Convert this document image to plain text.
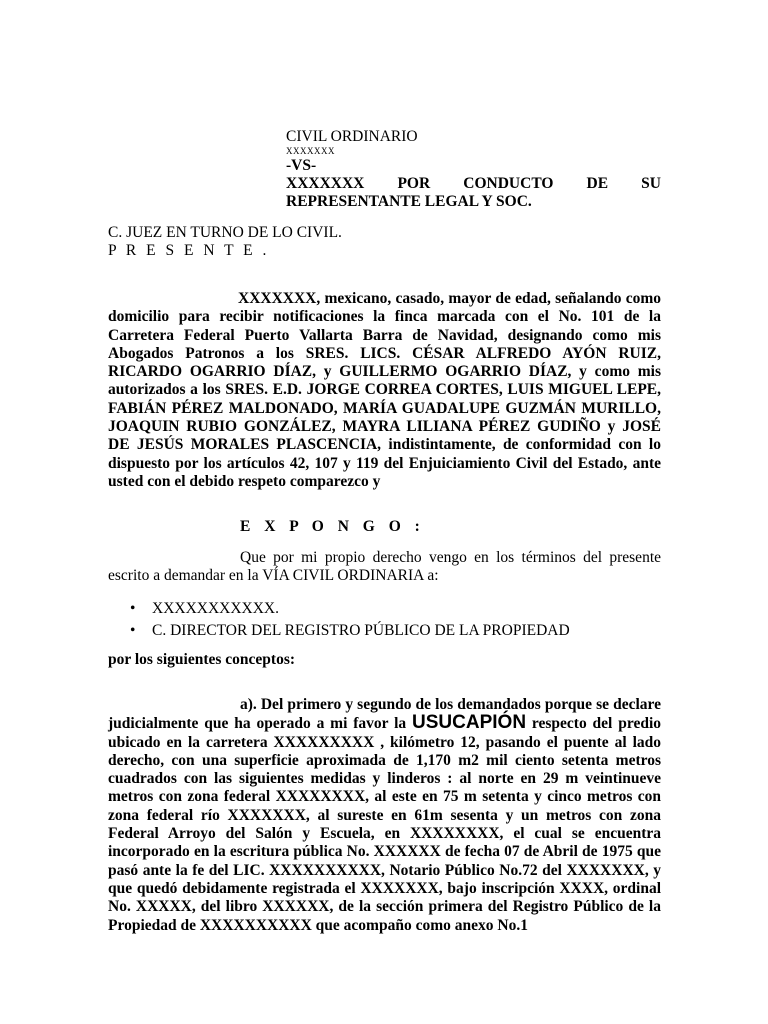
CIVIL ORDINARIO
XXXXXXX
-VS-
XXXXXXX POR CONDUCTO DE SU
REPRESENTANTE LEGAL Y SOC.
C. JUEZ EN TURNO DE LO CIVIL.
P R E S E N T E .
XXXXXXX, mexicano, casado, mayor de edad, señalando como domicilio para recibir notificaciones la finca marcada con el No. 101 de la Carretera Federal Puerto Vallarta Barra de Navidad, designando como mis Abogados Patronos a los SRES. LICS. CÉSAR ALFREDO AYÓN RUIZ, RICARDO OGARRIO DÍAZ, y GUILLERMO OGARRIO DÍAZ, y como mis autorizados a los SRES. E.D. JORGE CORREA CORTES, LUIS MIGUEL LEPE, FABIÁN PÉREZ MALDONADO, MARÍA GUADALUPE GUZMÁN MURILLO, JOAQUIN RUBIO GONZÁLEZ, MAYRA LILIANA PÉREZ GUDIÑO y JOSÉ DE JESÚS MORALES PLASCENCIA, indistintamente, de conformidad con lo dispuesto por los artículos 42, 107 y 119 del Enjuiciamiento Civil del Estado, ante usted con el debido respeto comparezco y
E X P O N G O :
Que por mi propio derecho vengo en los términos del presente escrito a demandar en la VÍA CIVIL ORDINARIA a:
• XXXXXXXXXXX.
• C. DIRECTOR DEL REGISTRO PÚBLICO DE LA PROPIEDAD
por los siguientes conceptos:
a). Del primero y segundo de los demandados porque se declare judicialmente que ha operado a mi favor la USUCAPIÓN respecto del predio ubicado en la carretera XXXXXXXXX , kilómetro 12, pasando el puente al lado derecho, con una superficie aproximada de 1,170 m2 mil ciento setenta metros cuadrados con las siguientes medidas y linderos : al norte en 29 m veintinueve metros con zona federal XXXXXXXX, al este en 75 m setenta y cinco metros con zona federal río XXXXXXX, al sureste en 61m sesenta y un metros con zona Federal Arroyo del Salón y Escuela, en XXXXXXXX, el cual se encuentra incorporado en la escritura pública No. XXXXXX de fecha 07 de Abril de 1975 que pasó ante la fe del LIC. XXXXXXXXXX, Notario Público No.72 del XXXXXXX, y que quedó debidamente registrada el XXXXXXX, bajo inscripción XXXX, ordinal No. XXXXX, del libro XXXXXX, de la sección primera del Registro Público de la Propiedad de XXXXXXXXXX que acompaño como anexo No.1
